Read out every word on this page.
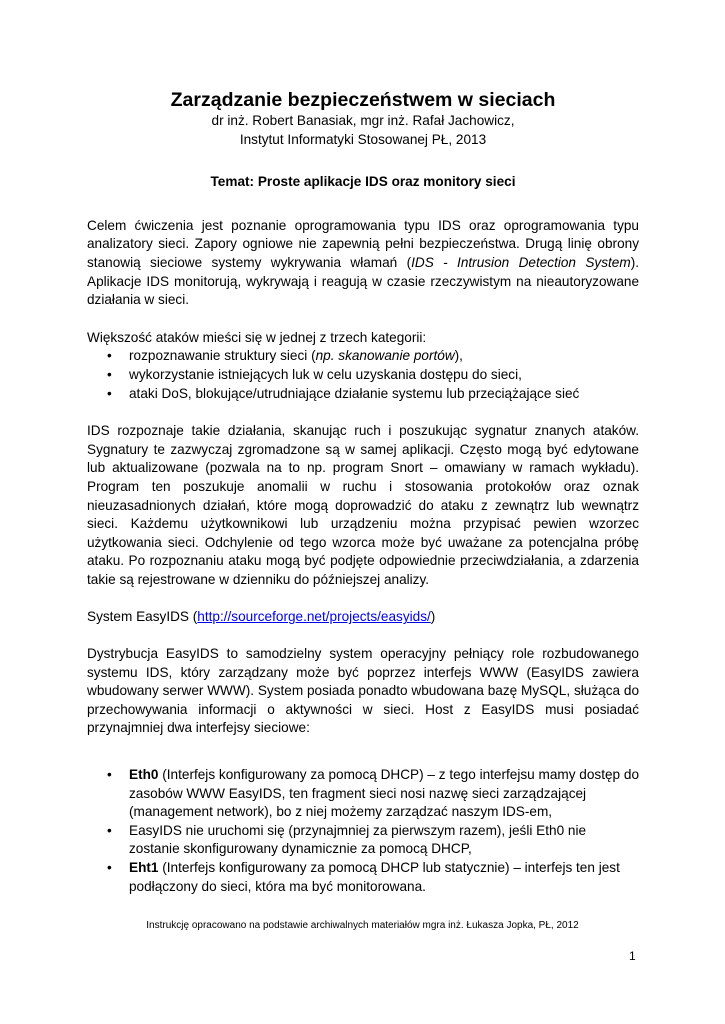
Zarządzanie bezpieczeństwem w sieciach

dr inż. Robert Banasiak, mgr inż. Rafał Jachowicz,

Instytut Informatyki Stosowanej PŁ, 2013

Temat: Proste aplikacje IDS oraz monitory sieci

Celem ćwiczenia jest poznanie oprogramowania typu IDS oraz oprogramowania typu analizatory sieci. Zapory ogniowe nie zapewnią pełni bezpieczeństwa. Drugą linię obrony stanowią sieciowe systemy wykrywania włamań (IDS - Intrusion Detection System). Aplikacje IDS monitorują, wykrywają i reagują w czasie rzeczywistym na nieautoryzowane działania w sieci.

Większość ataków mieści się w jednej z trzech kategorii:

• rozpoznawanie struktury sieci (np. skanowanie portów),
• wykorzystanie istniejących luk w celu uzyskania dostępu do sieci,
• ataki DoS, blokujące/utrudniające działanie systemu lub przeciążające sieć

IDS rozpoznaje takie działania, skanując ruch i poszukując sygnatur znanych ataków. Sygnatury te zazwyczaj zgromadzone są w samej aplikacji. Często mogą być edytowane lub aktualizowane (pozwala na to np. program Snort – omawiany w ramach wykładu). Program ten poszukuje anomalii w ruchu i stosowania protokołów oraz oznak nieuzasadnionych działań, które mogą doprowadzić do ataku z zewnątrz lub wewnątrz sieci. Każdemu użytkownikowi lub urządzeniu można przypisać pewien wzorzec użytkowania sieci. Odchylenie od tego wzorca może być uważane za potencjalna próbę ataku. Po rozpoznaniu ataku mogą być podjęte odpowiednie przeciwdziałania, a zdarzenia takie są rejestrowane w dzienniku do późniejszej analizy.

System EasyIDS (http://sourceforge.net/projects/easyids/)

Dystrybucja EasyIDS to samodzielny system operacyjny pełniący role rozbudowanego systemu IDS, który zarządzany może być poprzez interfejs WWW (EasyIDS zawiera wbudowany serwer WWW). System posiada ponadto wbudowana bazę MySQL, służąca do przechowywania informacji o aktywności w sieci. Host z EasyIDS musi posiadać przynajmniej dwa interfejsy sieciowe:

• Eth0 (Interfejs konfigurowany za pomocą DHCP) – z tego interfejsu mamy dostęp do zasobów WWW EasyIDS, ten fragment sieci nosi nazwę sieci zarządzającej (management network), bo z niej możemy zarządzać naszym IDS-em,
• EasyIDS nie uruchomi się (przynajmniej za pierwszym razem), jeśli Eth0 nie zostanie skonfigurowany dynamicznie za pomocą DHCP,
• Eht1 (Interfejs konfigurowany za pomocą DHCP lub statycznie) – interfejs ten jest podłączony do sieci, która ma być monitorowana.
Instrukcję opracowano na podstawie archiwalnych materiałów mgra inż. Łukasza Jopka, PŁ, 2012
1
